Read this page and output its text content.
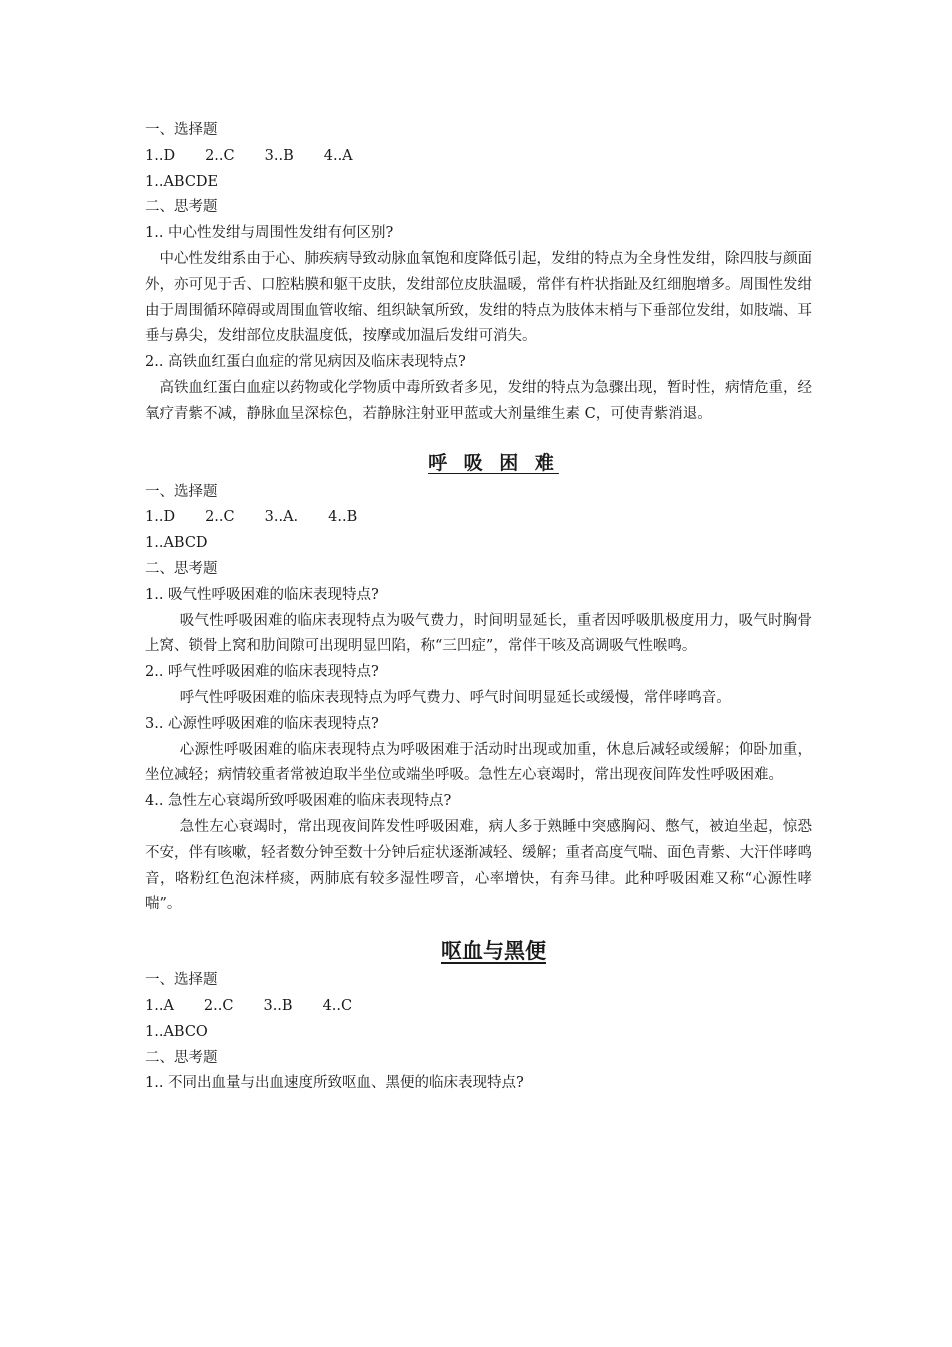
一、选择题
1..D 2..C 3..B 4..A
1..ABCDE
二、思考题
1.. 中心性发绀与周围性发绀有何区别?
中心性发绀系由于心、肺疾病导致动脉血氧饱和度降低引起，发绀的特点为全身性发绀，除四肢与颜面外，亦可见于舌、口腔粘膜和躯干皮肤，发绀部位皮肤温暖，常伴有杵状指趾及红细胞增多。周围性发绀由于周围循环障碍或周围血管收缩、组织缺氧所致，发绀的特点为肢体末梢与下垂部位发绀，如肢端、耳垂与鼻尖，发绀部位皮肤温度低，按摩或加温后发绀可消失。
2.. 高铁血红蛋白血症的常见病因及临床表现特点?
高铁血红蛋白血症以药物或化学物质中毒所致者多见，发绀的特点为急骤出现，暂时性，病情危重，经氧疗青紫不减，静脉血呈深棕色，若静脉注射亚甲蓝或大剂量维生素 C，可使青紫消退。
呼 吸 困 难
一、选择题
1..D 2..C 3..A. 4..B
1..ABCD
二、思考题
1.. 吸气性呼吸困难的临床表现特点?
吸气性呼吸困难的临床表现特点为吸气费力，时间明显延长，重者因呼吸肌极度用力，吸气时胸骨上窝、锁骨上窝和肋间隙可出现明显凹陷，称“三凹症”，常伴干咳及高调吸气性喉鸣。
2.. 呼气性呼吸困难的临床表现特点?
呼气性呼吸困难的临床表现特点为呼气费力、呼气时间明显延长或缓慢，常伴哮鸣音。
3.. 心源性呼吸困难的临床表现特点?
心源性呼吸困难的临床表现特点为呼吸困难于活动时出现或加重，休息后减轻或缓解；仰卧加重，坐位减轻；病情较重者常被迫取半坐位或端坐呼吸。急性左心衰竭时，常出现夜间阵发性呼吸困难。
4.. 急性左心衰竭所致呼吸困难的临床表现特点?
急性左心衰竭时，常出现夜间阵发性呼吸困难，病人多于熟睡中突感胸闷、憋气，被迫坐起，惊恐不安，伴有咳嗽，轻者数分钟至数十分钟后症状逐渐减轻、缓解；重者高度气喘、面色青紫、大汗伴哮鸣音，咯粉红色泡沫样痰，两肺底有较多湿性啰音，心率增快，有奔马律。此种呼吸困难又称“心源性哮喘”。
呕血与黑便
一、选择题
1..A 2..C 3..B 4..C
1..ABCO
二、思考题
1.. 不同出血量与出血速度所致呕血、黑便的临床表现特点?
